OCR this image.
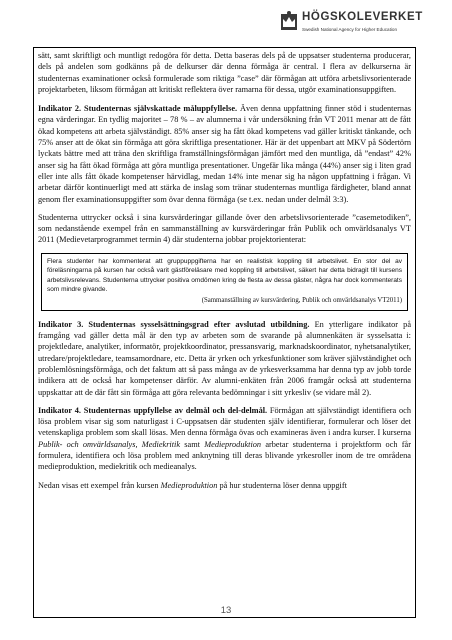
HÖGSKOLEVERKET
Swedish National Agency for Higher Education

sätt, samt skriftligt och muntligt redogöra för detta. Detta baseras dels på de uppsatser studenterna producerar, dels på andelen som godkänns på de delkurser där denna förmåga är central. I flera av delkurserna är studenternas examinationer också formulerade som riktiga ”case” där förmågan att utföra arbetslivsorienterade projektarbeten, liksom förmågan att kritiskt reflektera över ramarna för dessa, utgör examinationsuppgiften.

Indikator 2. Studenternas självskattade måluppfyllelse. Även denna uppfattning finner stöd i studenternas egna värderingar. En tydlig majoritet – 78 % – av alumnerna i vår undersökning från VT 2011 menar att de fått ökad kompetens att arbeta självständigt. 85% anser sig ha fått ökad kompetens vad gäller kritiskt tänkande, och 75% anser att de ökat sin förmåga att göra skriftliga presentationer. Här är det uppenbart att MKV på Södertörn lyckats bättre med att träna den skriftliga framställningsförmågan jämfört med den muntliga, då ”endast” 42% anser sig ha fått ökad förmåga att göra muntliga presentationer. Ungefär lika många (44%) anser sig i liten grad eller inte alls fått ökade kompetenser härvidlag, medan 14% inte menar sig ha någon uppfattning i frågan. Vi arbetar därför kontinuerligt med att stärka de inslag som tränar studenternas muntliga färdigheter, bland annat genom fler examinationsuppgifter som övar denna förmåga (se t.ex. nedan under delmål 3:3).

Studenterna uttrycker också i sina kursvärderingar gillande över den arbetslivsorienterade ”casemetodiken”, som nedanstående exempel från en sammanställning av kursvärderingar från Publik och omvärldsanalys VT 2011 (Medievetarprogrammet termin 4) där studenterna jobbar projektorienterat:

Flera studenter har kommenterat att gruppuppgifterna har en realistisk koppling till arbetslivet. En stor del av föreläsningarna på kursen har också varit gästföreläsare med koppling till arbetslivet, säkert har detta bidragit till kursens arbetslivsrelevans. Studenterna uttrycker positiva omdömen kring de flesta av dessa gäster, några har dock kommenterats som mindre givande.

(Sammanställning av kursvärdering, Publik och omvärldsanalys VT2011)

Indikator 3. Studenternas sysselsättningsgrad efter avslutad utbildning. En ytterligare indikator på framgång vad gäller detta mål är den typ av arbeten som de svarande på alumnenkäten är sysselsatta i: projektledare, analytiker, informatör, projektkoordinator, pressansvarig, marknadskoordinator, nyhetsanalytiker, utredare/projektledare, teamsamordnare, etc. Detta är yrken och yrkesfunktioner som kräver självständighet och problemlösningsförmåga, och det faktum att så pass många av de yrkesverksamma har denna typ av jobb torde indikera att de också har kompetenser därför. Av alumni-enkäten från 2006 framgår också att studenterna uppskattar att de där fått sin förmåga att göra relevanta bedömningar i sitt yrkesliv (se vidare mål 2).

Indikator 4. Studenternas uppfyllelse av delmål och del-delmål. Förmågan att självständigt identifiera och lösa problem visar sig som naturligast i C-uppsatsen där studenten själv identifierar, formulerar och löser det vetenskapliga problem som skall lösas. Men denna förmåga övas och examineras även i andra kurser. I kurserna Publik- och omvärldsanalys, Mediekritik samt Medieproduktion arbetar studenterna i projektform och får formulera, identifiera och lösa problem med anknytning till deras blivande yrkesroller inom de tre områdena medieproduktion, mediekritik och medieanalys.

Nedan visas ett exempel från kursen Medieproduktion på hur studenterna löser denna uppgift

13
